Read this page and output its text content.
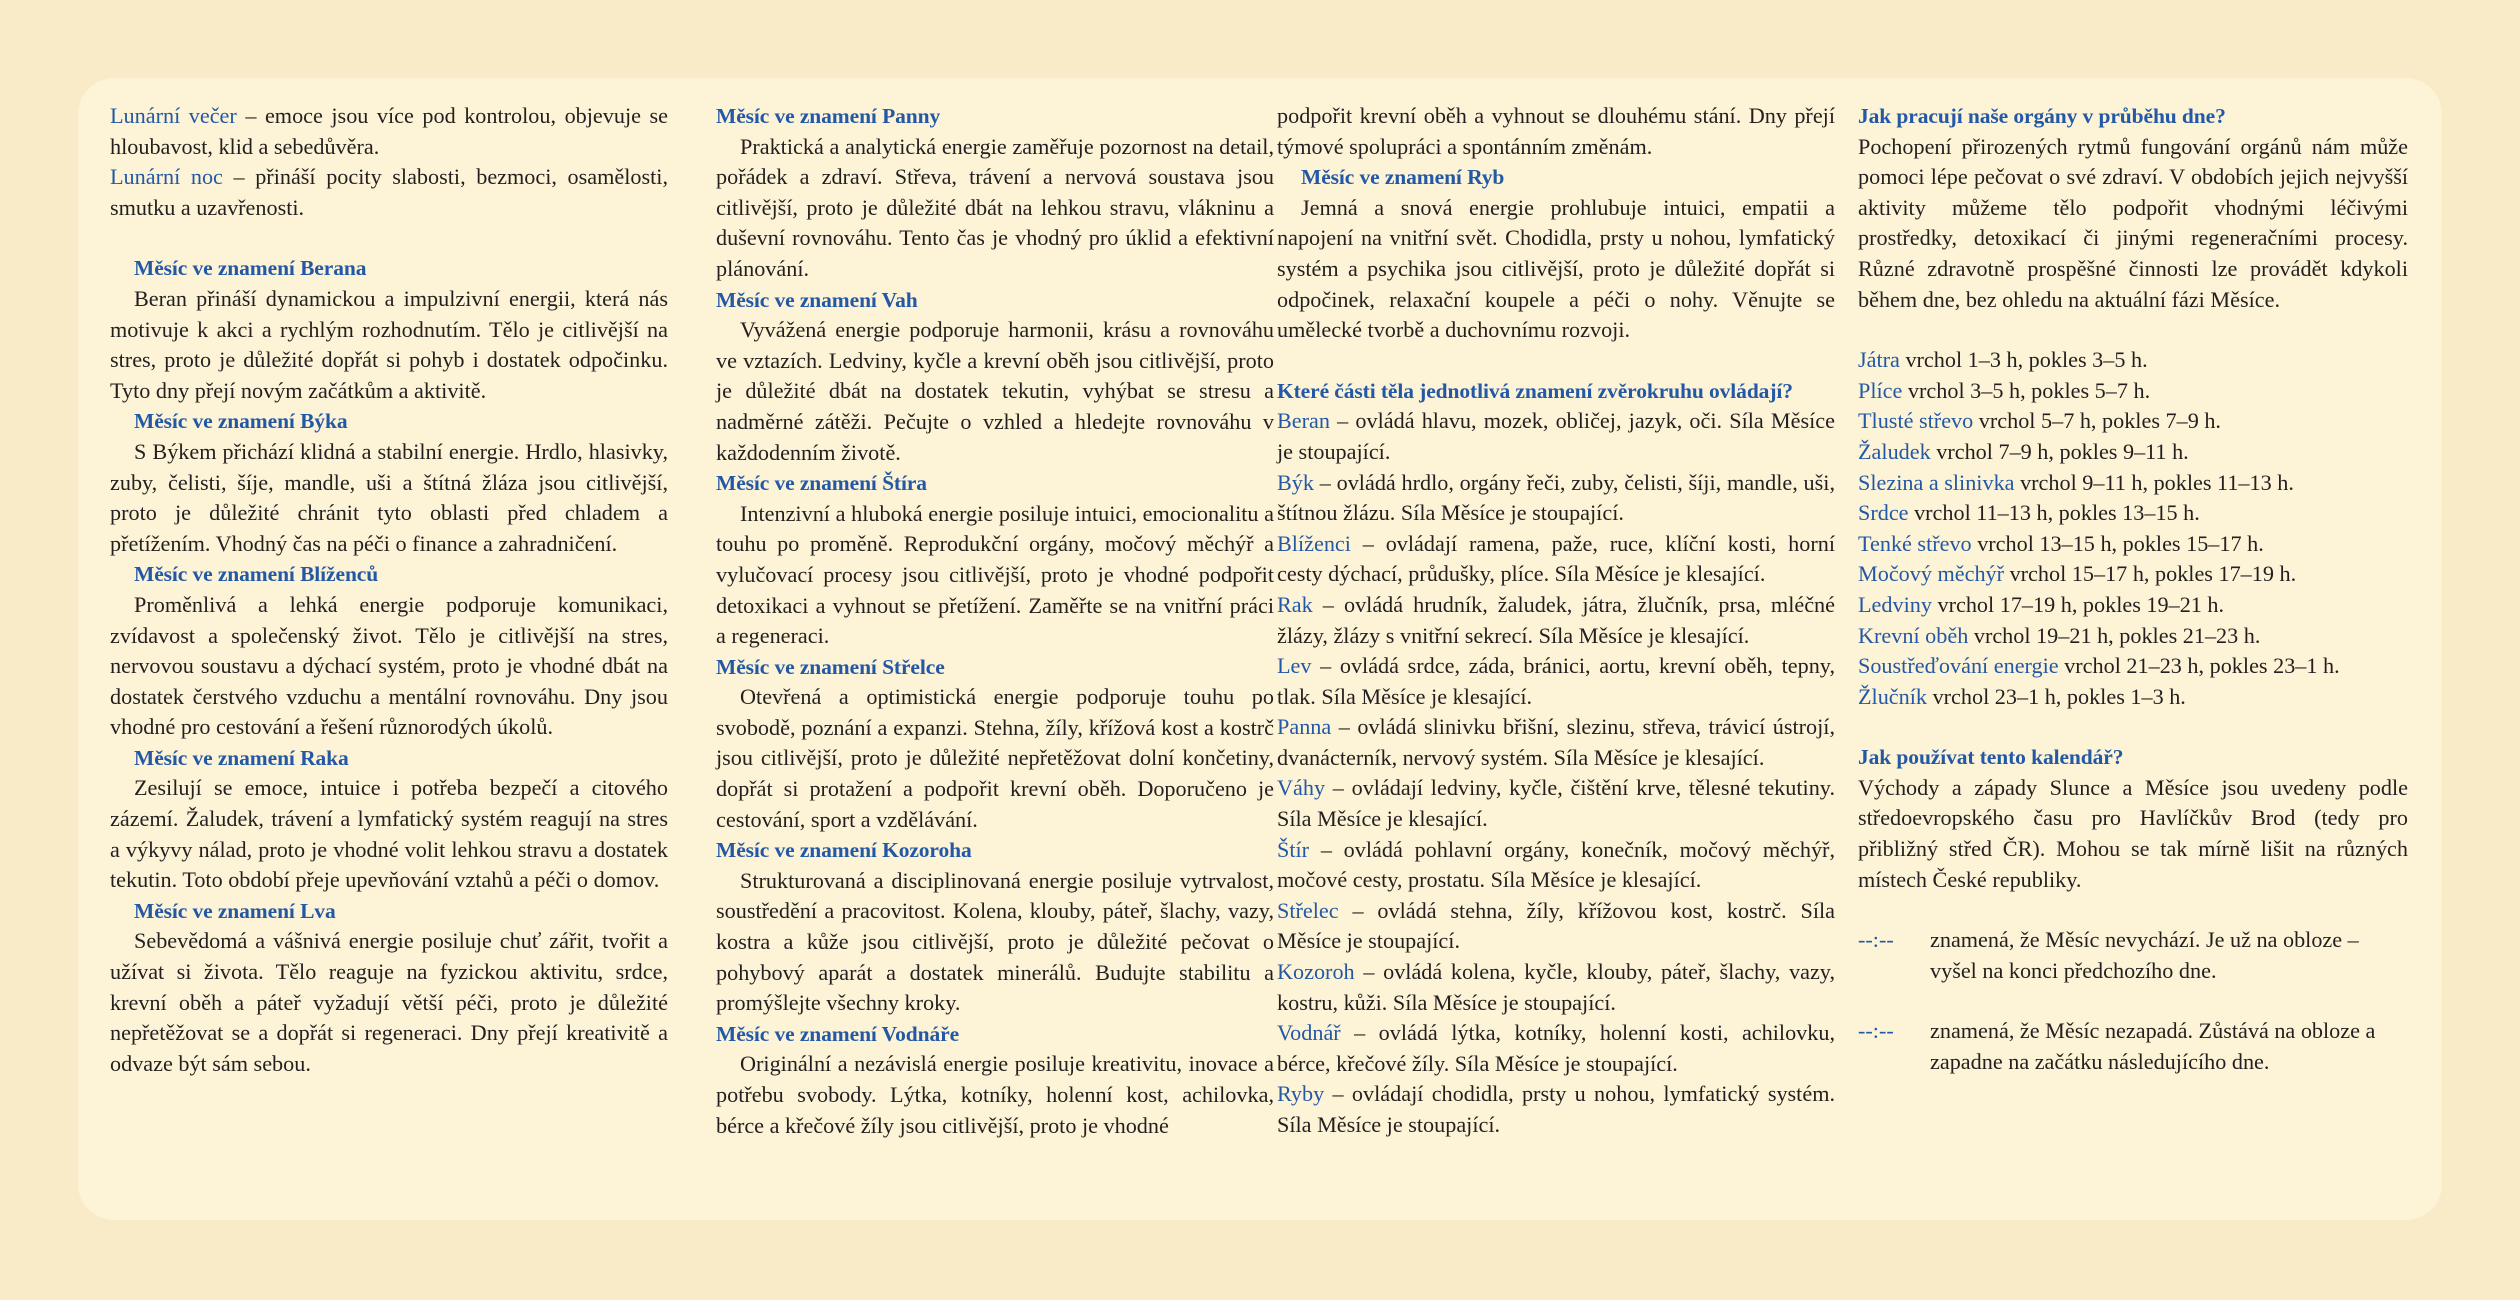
Lunární večer – emoce jsou více pod kontrolou, objevuje se hloubavost, klid a sebedůvěra.

Lunární noc – přináší pocity slabosti, bezmoci, osamělosti, smutku a uzavřenosti.

Měsíc ve znamení Berana

Beran přináší dynamickou a impulzivní energii, která nás motivuje k akci a rychlým rozhodnutím. Tělo je citlivější na stres, proto je důležité dopřát si pohyb i dostatek odpočinku. Tyto dny přejí novým začátkům a aktivitě.

Měsíc ve znamení Býka

S Býkem přichází klidná a stabilní energie. Hrdlo, hlasivky, zuby, čelisti, šíje, mandle, uši a štítná žláza jsou citlivější, proto je důležité chránit tyto oblasti před chladem a přetížením. Vhodný čas na péči o finance a zahradničení.

Měsíc ve znamení Blíženců

Proměnlivá a lehká energie podporuje komunikaci, zvídavost a společenský život. Tělo je citlivější na stres, nervovou soustavu a dýchací systém, proto je vhodné dbát na dostatek čerstvého vzduchu a mentální rovnováhu. Dny jsou vhodné pro cestování a řešení různorodých úkolů.

Měsíc ve znamení Raka

Zesilují se emoce, intuice i potřeba bezpečí a citového zázemí. Žaludek, trávení a lymfatický systém reagují na stres a výkyvy nálad, proto je vhodné volit lehkou stravu a dostatek tekutin. Toto období přeje upevňování vztahů a péči o domov.

Měsíc ve znamení Lva

Sebevědomá a vášnivá energie posiluje chuť zářit, tvořit a užívat si života. Tělo reaguje na fyzickou aktivitu, srdce, krevní oběh a páteř vyžadují větší péči, proto je důležité nepřetěžovat se a dopřát si regeneraci. Dny přejí kreativitě a odvaze být sám sebou.

Měsíc ve znamení Panny

Praktická a analytická energie zaměřuje pozornost na detail, pořádek a zdraví. Střeva, trávení a nervová soustava jsou citlivější, proto je důležité dbát na lehkou stravu, vlákninu a duševní rovnováhu. Tento čas je vhodný pro úklid a efektivní plánování.

Měsíc ve znamení Vah

Vyvážená energie podporuje harmonii, krásu a rovnováhu ve vztazích. Ledviny, kyčle a krevní oběh jsou citlivější, proto je důležité dbát na dostatek tekutin, vyhýbat se stresu a nadměrné zátěži. Pečujte o vzhled a hledejte rovnováhu v každodenním životě.

Měsíc ve znamení Štíra

Intenzivní a hluboká energie posiluje intuici, emocionalitu a touhu po proměně. Reprodukční orgány, močový měchýř a vylučovací procesy jsou citlivější, proto je vhodné podpořit detoxikaci a vyhnout se přetížení. Zaměřte se na vnitřní práci a regeneraci.

Měsíc ve znamení Střelce

Otevřená a optimistická energie podporuje touhu po svobodě, poznání a expanzi. Stehna, žíly, křížová kost a kostrč jsou citlivější, proto je důležité nepřetěžovat dolní končetiny, dopřát si protažení a podpořit krevní oběh. Doporučeno je cestování, sport a vzdělávání.

Měsíc ve znamení Kozoroha

Strukturovaná a disciplinovaná energie posiluje vytrvalost, soustředění a pracovitost. Kolena, klouby, páteř, šlachy, vazy, kostra a kůže jsou citlivější, proto je důležité pečovat o pohybový aparát a dostatek minerálů. Budujte stabilitu a promýšlejte všechny kroky.

Měsíc ve znamení Vodnáře

Originální a nezávislá energie posiluje kreativitu, inovace a potřebu svobody. Lýtka, kotníky, holenní kost, achilovka, bérce a křečové žíly jsou citlivější, proto je vhodné

podpořit krevní oběh a vyhnout se dlouhému stání. Dny přejí týmové spolupráci a spontánním změnám.

Měsíc ve znamení Ryb

Jemná a snová energie prohlubuje intuici, empatii a napojení na vnitřní svět. Chodidla, prsty u nohou, lymfatický systém a psychika jsou citlivější, proto je důležité dopřát si odpočinek, relaxační koupele a péči o nohy. Věnujte se umělecké tvorbě a duchovnímu rozvoji.

Které části těla jednotlivá znamení zvěrokruhu ovládají?

Beran – ovládá hlavu, mozek, obličej, jazyk, oči. Síla Měsíce je stoupající.

Býk – ovládá hrdlo, orgány řeči, zuby, čelisti, šíji, mandle, uši, štítnou žlázu. Síla Měsíce je stoupající.

Blíženci – ovládají ramena, paže, ruce, klíční kosti, horní cesty dýchací, průdušky, plíce. Síla Měsíce je klesající.

Rak – ovládá hrudník, žaludek, játra, žlučník, prsa, mléčné žlázy, žlázy s vnitřní sekrecí. Síla Měsíce je klesající.

Lev – ovládá srdce, záda, bránici, aortu, krevní oběh, tepny, tlak. Síla Měsíce je klesající.

Panna – ovládá slinivku břišní, slezinu, střeva, trávicí ústrojí, dvanácterník, nervový systém. Síla Měsíce je klesající.

Váhy – ovládají ledviny, kyčle, čištění krve, tělesné tekutiny. Síla Měsíce je klesající.

Štír – ovládá pohlavní orgány, konečník, močový měchýř, močové cesty, prostatu. Síla Měsíce je klesající.

Střelec – ovládá stehna, žíly, křížovou kost, kostrč. Síla Měsíce je stoupající.

Kozoroh – ovládá kolena, kyčle, klouby, páteř, šlachy, vazy, kostru, kůži. Síla Měsíce je stoupající.

Vodnář – ovládá lýtka, kotníky, holenní kosti, achilovku, bérce, křečové žíly. Síla Měsíce je stoupající.

Ryby – ovládají chodidla, prsty u nohou, lymfatický systém. Síla Měsíce je stoupající.

Jak pracují naše orgány v průběhu dne?

Pochopení přirozených rytmů fungování orgánů nám může pomoci lépe pečovat o své zdraví. V obdobích jejich nejvyšší aktivity můžeme tělo podpořit vhodnými léčivými prostředky, detoxikací či jinými regeneračními procesy. Různé zdravotně prospěšné činnosti lze provádět kdykoli během dne, bez ohledu na aktuální fázi Měsíce.

Játra vrchol 1–3 h, pokles 3–5 h.
Plíce vrchol 3–5 h, pokles 5–7 h.
Tlusté střevo vrchol 5–7 h, pokles 7–9 h.
Žaludek vrchol 7–9 h, pokles 9–11 h.
Slezina a slinivka vrchol 9–11 h, pokles 11–13 h.
Srdce vrchol 11–13 h, pokles 13–15 h.
Tenké střevo vrchol 13–15 h, pokles 15–17 h.
Močový měchýř vrchol 15–17 h, pokles 17–19 h.
Ledviny vrchol 17–19 h, pokles 19–21 h.
Krevní oběh vrchol 19–21 h, pokles 21–23 h.
Soustřeďování energie vrchol 21–23 h, pokles 23–1 h.
Žlučník vrchol 23–1 h, pokles 1–3 h.
Jak používat tento kalendář?

Východy a západy Slunce a Měsíce jsou uvedeny podle středoevropského času pro Havlíčkův Brod (tedy pro přibližný střed ČR). Mohou se tak mírně lišit na různých místech České republiky.

--:--	znamená, že Měsíc nevychází. Je už na obloze – vyšel na konci předchozího dne.
--:--	znamená, že Měsíc nezapadá. Zůstává na obloze a zapadne na začátku následujícího dne.
